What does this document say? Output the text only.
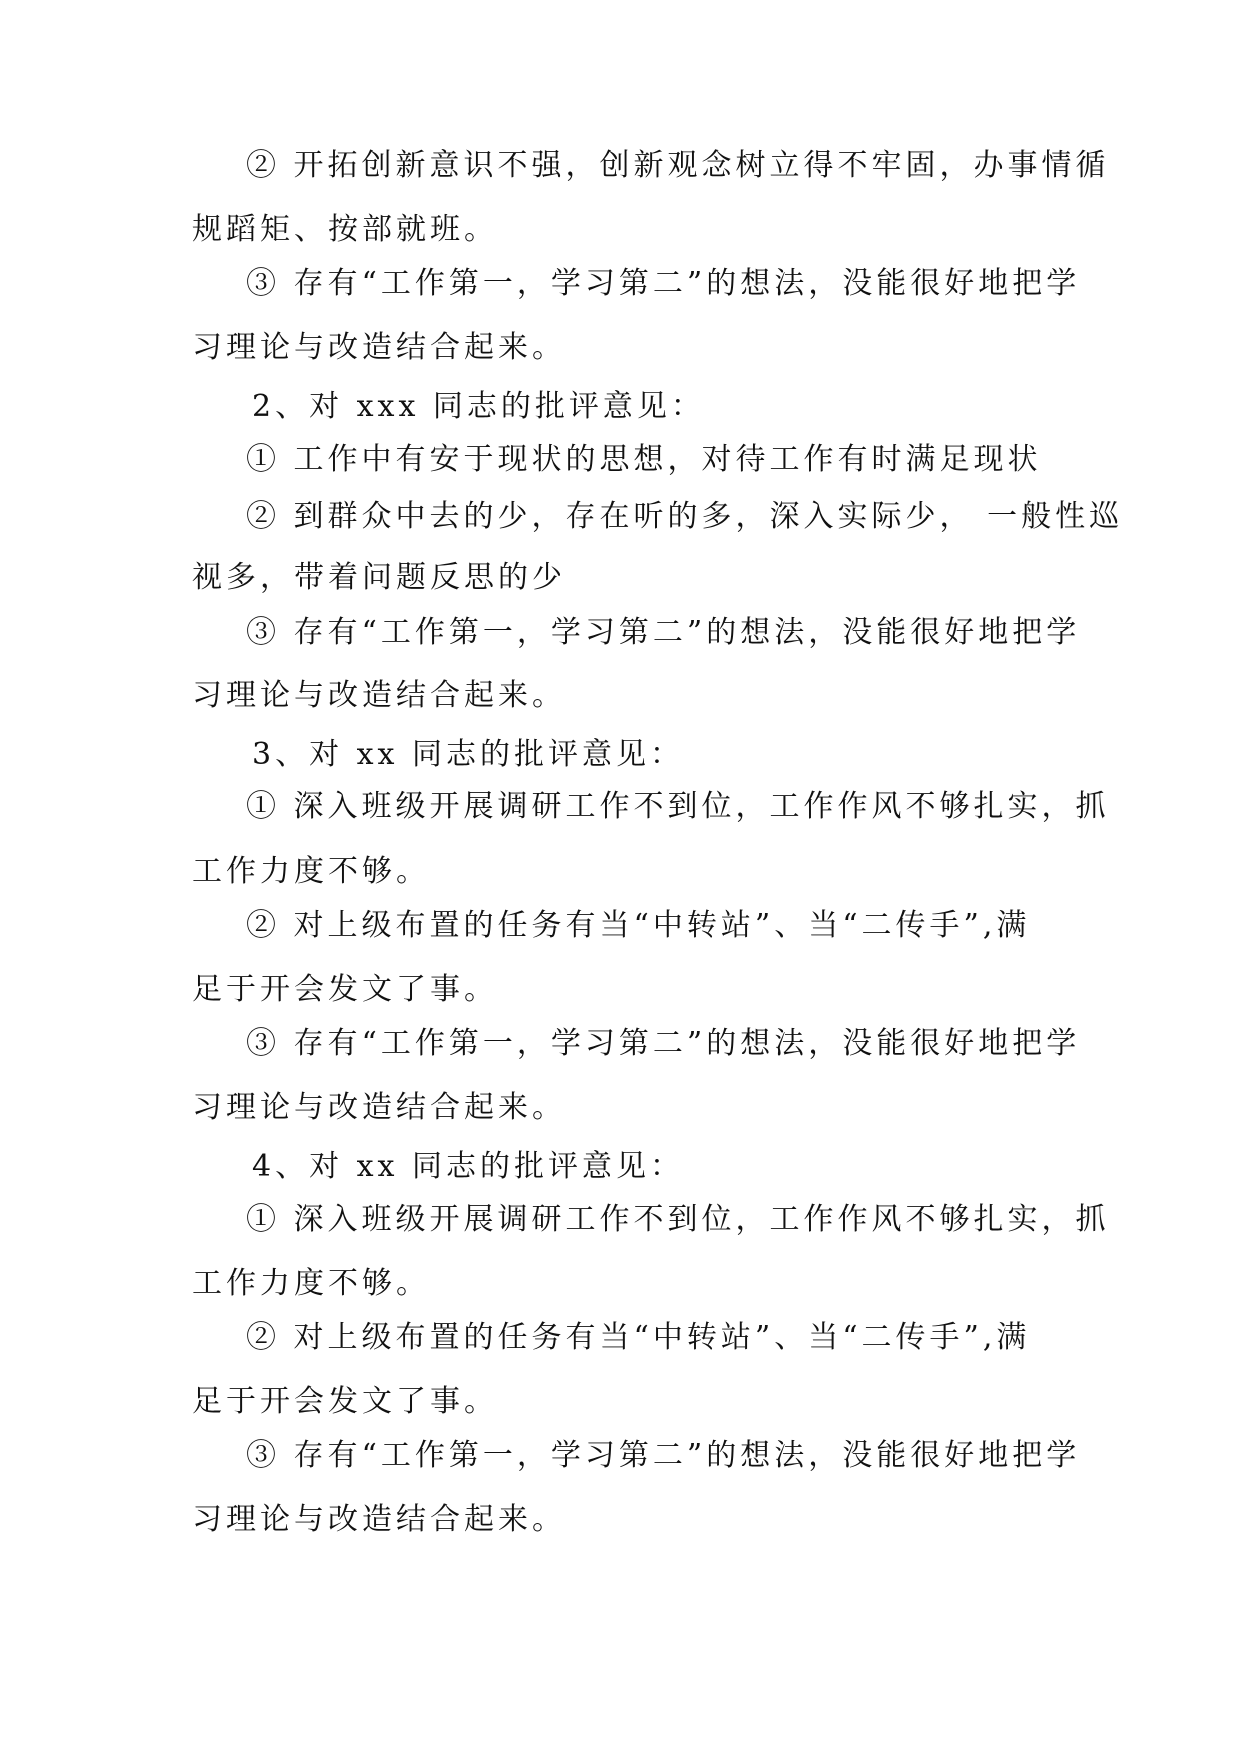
② 开拓创新意识不强，创新观念树立得不牢固，办事情循
规蹈矩、按部就班。
③ 存有“工作第一，学习第二”的想法，没能很好地把学
习理论与改造结合起来。
2、对 xxx 同志的批评意见：
① 工作中有安于现状的思想，对待工作有时满足现状
② 到群众中去的少，存在听的多，深入实际少， 一般性巡
视多，带着问题反思的少
③ 存有“工作第一，学习第二”的想法，没能很好地把学
习理论与改造结合起来。
3、对 xx 同志的批评意见：
① 深入班级开展调研工作不到位，工作作风不够扎实，抓
工作力度不够。
② 对上级布置的任务有当“中转站”、当“二传手”,满
足于开会发文了事。
③ 存有“工作第一，学习第二”的想法，没能很好地把学
习理论与改造结合起来。
4、对 xx 同志的批评意见：
① 深入班级开展调研工作不到位，工作作风不够扎实，抓
工作力度不够。
② 对上级布置的任务有当“中转站”、当“二传手”,满
足于开会发文了事。
③ 存有“工作第一，学习第二”的想法，没能很好地把学
习理论与改造结合起来。
